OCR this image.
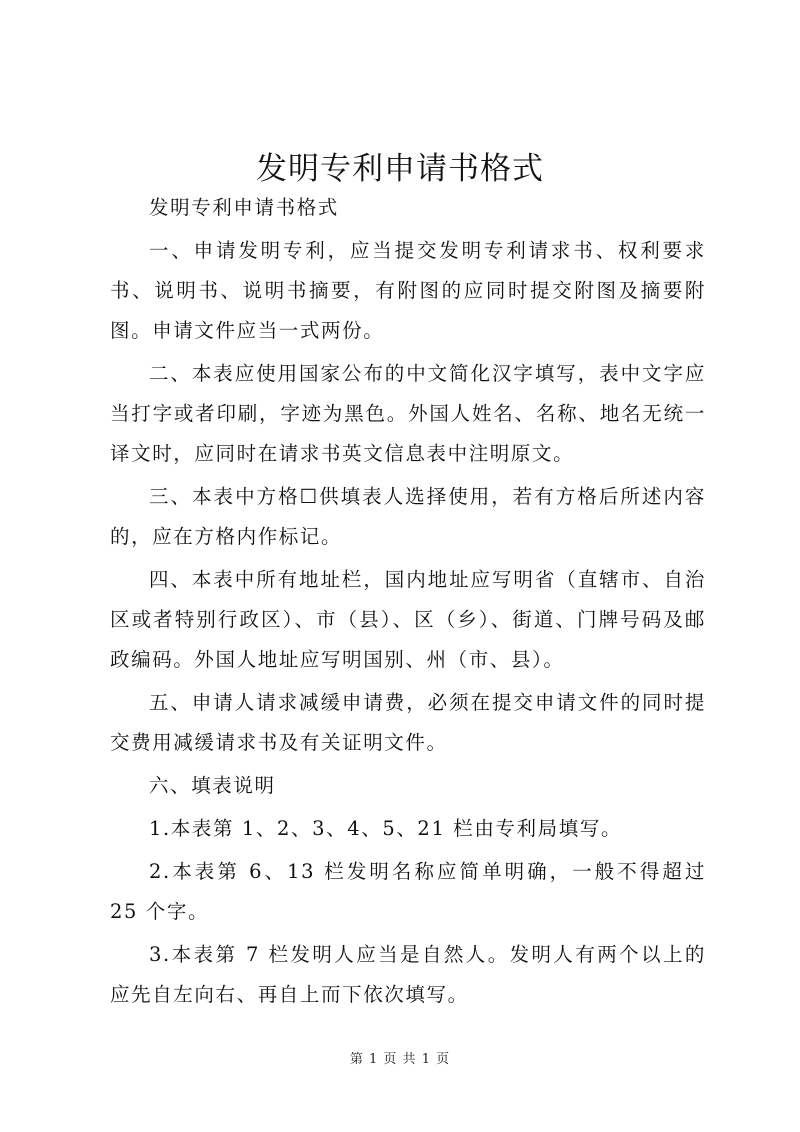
发明专利申请书格式

发明专利申请书格式

一、申请发明专利，应当提交发明专利请求书、权利要求书、说明书、说明书摘要，有附图的应同时提交附图及摘要附图。申请文件应当一式两份。

二、本表应使用国家公布的中文简化汉字填写，表中文字应当打字或者印刷，字迹为黑色。外国人姓名、名称、地名无统一译文时，应同时在请求书英文信息表中注明原文。

三、本表中方格☐供填表人选择使用，若有方格后所述内容的，应在方格内作标记。

四、本表中所有地址栏，国内地址应写明省（直辖市、自治区或者特别行政区）、市（县）、区（乡）、街道、门牌号码及邮政编码。外国人地址应写明国别、州（市、县）。

五、申请人请求减缓申请费，必须在提交申请文件的同时提交费用减缓请求书及有关证明文件。

六、填表说明

1.本表第 1、2、3、4、5、21 栏由专利局填写。

2.本表第 6、13 栏发明名称应简单明确，一般不得超过 25 个字。

3.本表第 7 栏发明人应当是自然人。发明人有两个以上的应先自左向右、再自上而下依次填写。

第 1 页 共 1 页
